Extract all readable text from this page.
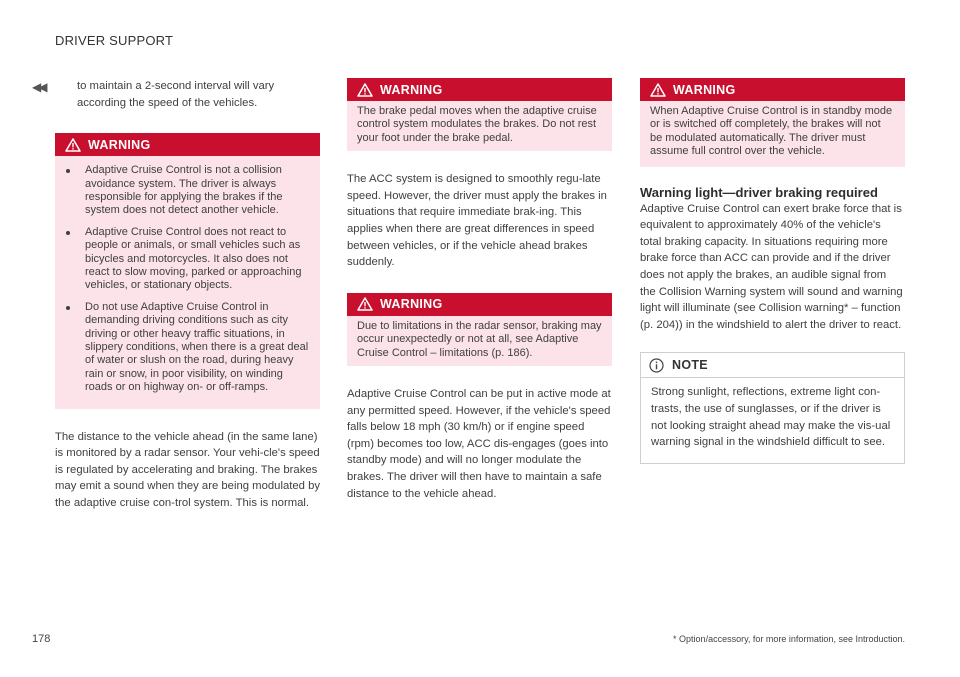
DRIVER SUPPORT
◀◀	to maintain a 2-second interval will vary according the speed of the vehicles.

WARNING
Adaptive Cruise Control is not a collision avoidance system. The driver is always responsible for applying the brakes if the system does not detect another vehicle.
Adaptive Cruise Control does not react to people or animals, or small vehicles such as bicycles and motorcycles. It also does not react to slow moving, parked or approaching vehicles, or stationary objects.
Do not use Adaptive Cruise Control in demanding driving conditions such as city driving or other heavy traffic situations, in slippery conditions, when there is a great deal of water or slush on the road, during heavy rain or snow, in poor visibility, on winding roads or on highway on- or off-ramps.

The distance to the vehicle ahead (in the same lane) is monitored by a radar sensor. Your vehi-cle's speed is regulated by accelerating and braking. The brakes may emit a sound when they are being modulated by the adaptive cruise con-trol system. This is normal.

WARNING

The brake pedal moves when the adaptive cruise control system modulates the brakes. Do not rest your foot under the brake pedal.

The ACC system is designed to smoothly regu-late speed. However, the driver must apply the brakes in situations that require immediate brak-ing. This applies when there are great differences in speed between vehicles, or if the vehicle ahead brakes suddenly.

WARNING

Due to limitations in the radar sensor, braking may occur unexpectedly or not at all, see Adaptive Cruise Control – limitations (p. 186).

Adaptive Cruise Control can be put in active mode at any permitted speed. However, if the vehicle's speed falls below 18 mph (30 km/h) or if engine speed (rpm) becomes too low, ACC dis-engages (goes into standby mode) and will no longer modulate the brakes. The driver will then have to maintain a safe distance to the vehicle ahead.

WARNING

When Adaptive Cruise Control is in standby mode or is switched off completely, the brakes will not be modulated automatically. The driver must assume full control over the vehicle.

Warning light—driver braking required

Adaptive Cruise Control can exert brake force that is equivalent to approximately 40% of the vehicle's total braking capacity. In situations requiring more brake force than ACC can provide and if the driver does not apply the brakes, an audible signal from the Collision Warning system will sound and warning light will illuminate (see Collision warning* – function (p. 204)) in the windshield to alert the driver to react.

NOTE

Strong sunlight, reflections, extreme light con-trasts, the use of sunglasses, or if the driver is not looking straight ahead may make the vis-ual warning signal in the windshield difficult to see.

178	* Option/accessory, for more information, see Introduction.
